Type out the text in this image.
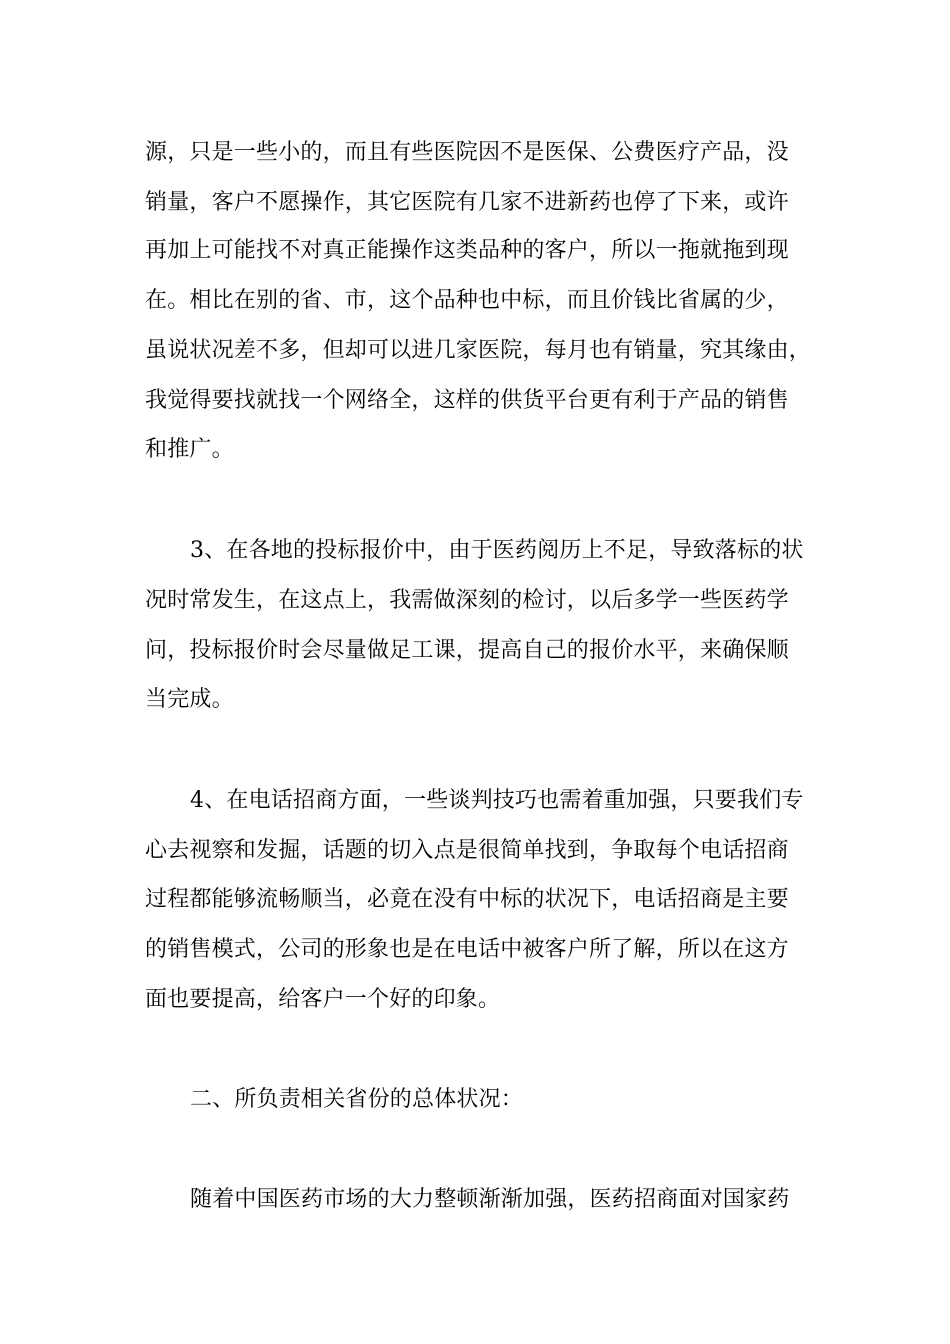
源，只是一些小的，而且有些医院因不是医保、公费医疗产品，没
销量，客户不愿操作，其它医院有几家不进新药也停了下来，或许
再加上可能找不对真正能操作这类品种的客户，所以一拖就拖到现
在。相比在别的省、市，这个品种也中标，而且价钱比省属的少，
虽说状况差不多，但却可以进几家医院，每月也有销量，究其缘由，
我觉得要找就找一个网络全，这样的供货平台更有利于产品的销售
和推广。
3、在各地的投标报价中，由于医药阅历上不足，导致落标的状
况时常发生，在这点上，我需做深刻的检讨，以后多学一些医药学
问，投标报价时会尽量做足工课，提高自己的报价水平，来确保顺
当完成。
4、在电话招商方面，一些谈判技巧也需着重加强，只要我们专
心去视察和发掘，话题的切入点是很简单找到，争取每个电话招商
过程都能够流畅顺当，必竟在没有中标的状况下，电话招商是主要
的销售模式，公司的形象也是在电话中被客户所了解，所以在这方
面也要提高，给客户一个好的印象。
二、所负责相关省份的总体状况：
随着中国医药市场的大力整顿渐渐加强，医药招商面对国家药
